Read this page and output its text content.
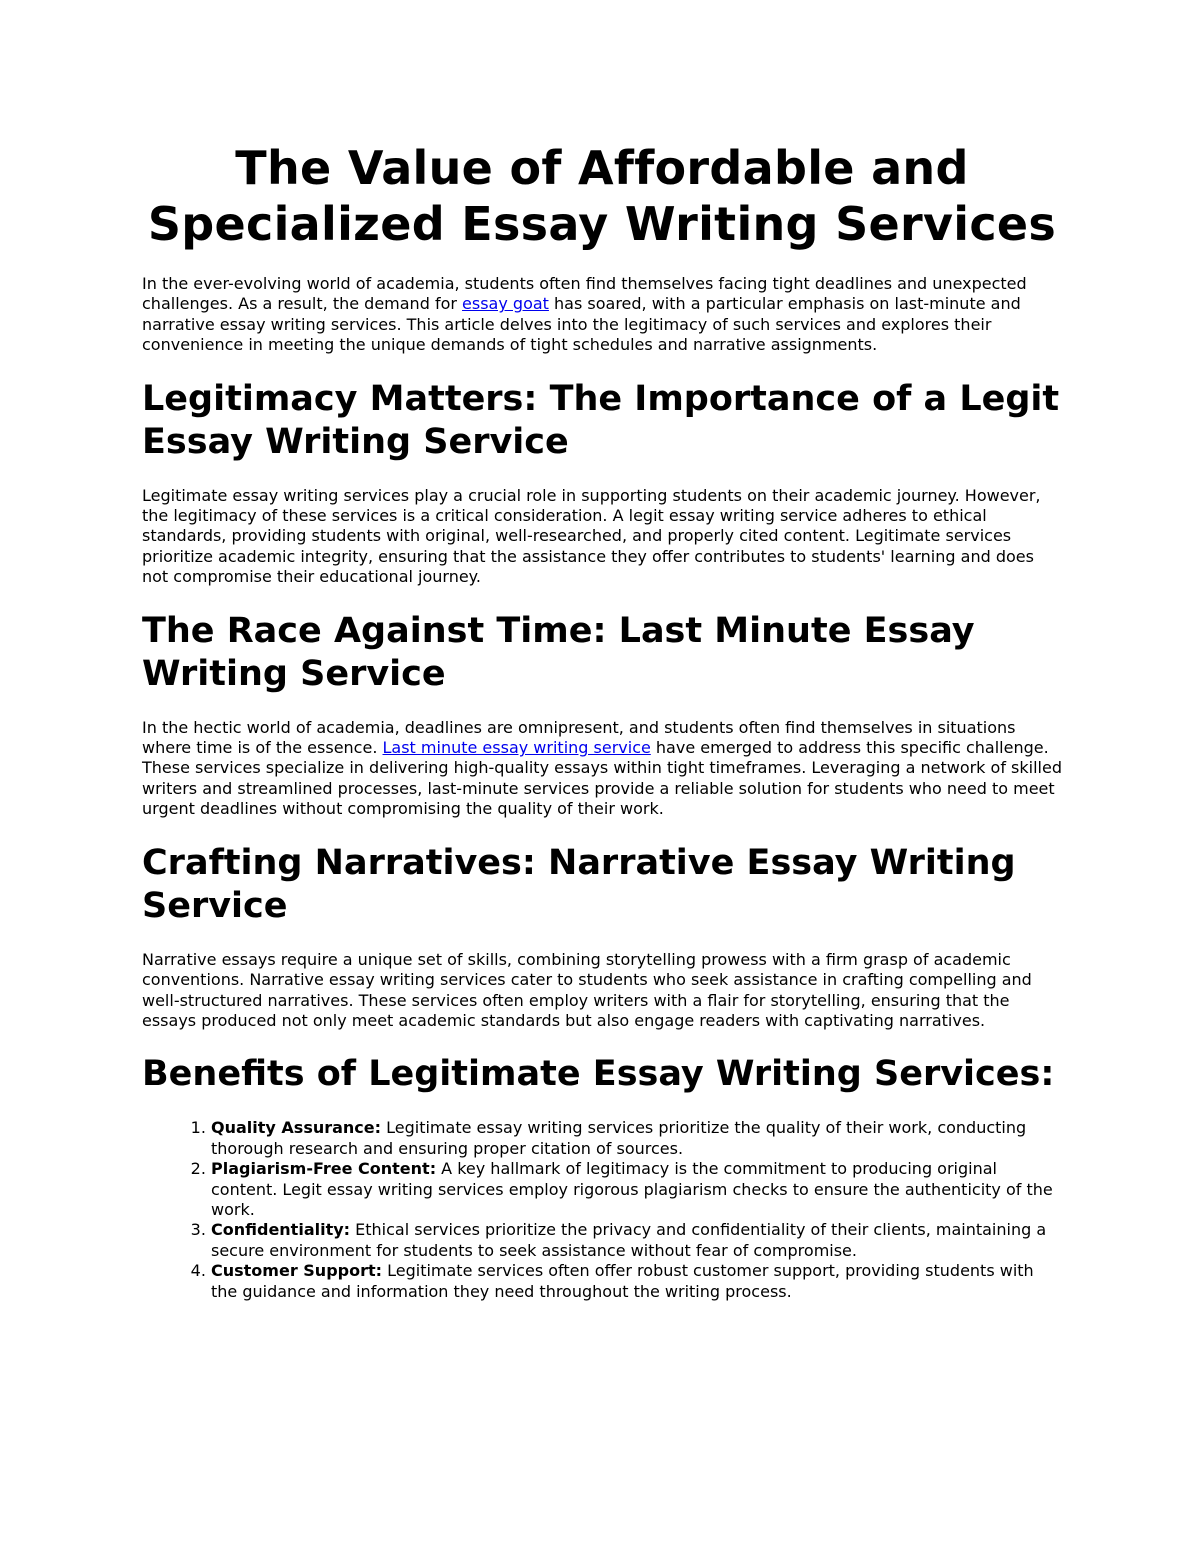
The Value of Affordable and Specialized Essay Writing Services

In the ever-evolving world of academia, students often find themselves facing tight deadlines and unexpected challenges. As a result, the demand for essay goat has soared, with a particular emphasis on last-minute and narrative essay writing services. This article delves into the legitimacy of such services and explores their convenience in meeting the unique demands of tight schedules and narrative assignments.

Legitimacy Matters: The Importance of a Legit Essay Writing Service

Legitimate essay writing services play a crucial role in supporting students on their academic journey. However, the legitimacy of these services is a critical consideration. A legit essay writing service adheres to ethical standards, providing students with original, well-researched, and properly cited content. Legitimate services prioritize academic integrity, ensuring that the assistance they offer contributes to students' learning and does not compromise their educational journey.

The Race Against Time: Last Minute Essay Writing Service

In the hectic world of academia, deadlines are omnipresent, and students often find themselves in situations where time is of the essence. Last minute essay writing service have emerged to address this specific challenge. These services specialize in delivering high-quality essays within tight timeframes. Leveraging a network of skilled writers and streamlined processes, last-minute services provide a reliable solution for students who need to meet urgent deadlines without compromising the quality of their work.

Crafting Narratives: Narrative Essay Writing Service

Narrative essays require a unique set of skills, combining storytelling prowess with a firm grasp of academic conventions. Narrative essay writing services cater to students who seek assistance in crafting compelling and well-structured narratives. These services often employ writers with a flair for storytelling, ensuring that the essays produced not only meet academic standards but also engage readers with captivating narratives.

Benefits of Legitimate Essay Writing Services:
1. Quality Assurance: Legitimate essay writing services prioritize the quality of their work, conducting thorough research and ensuring proper citation of sources.
2. Plagiarism-Free Content: A key hallmark of legitimacy is the commitment to producing original content. Legit essay writing services employ rigorous plagiarism checks to ensure the authenticity of the work.
3. Confidentiality: Ethical services prioritize the privacy and confidentiality of their clients, maintaining a secure environment for students to seek assistance without fear of compromise.
4. Customer Support: Legitimate services often offer robust customer support, providing students with the guidance and information they need throughout the writing process.
